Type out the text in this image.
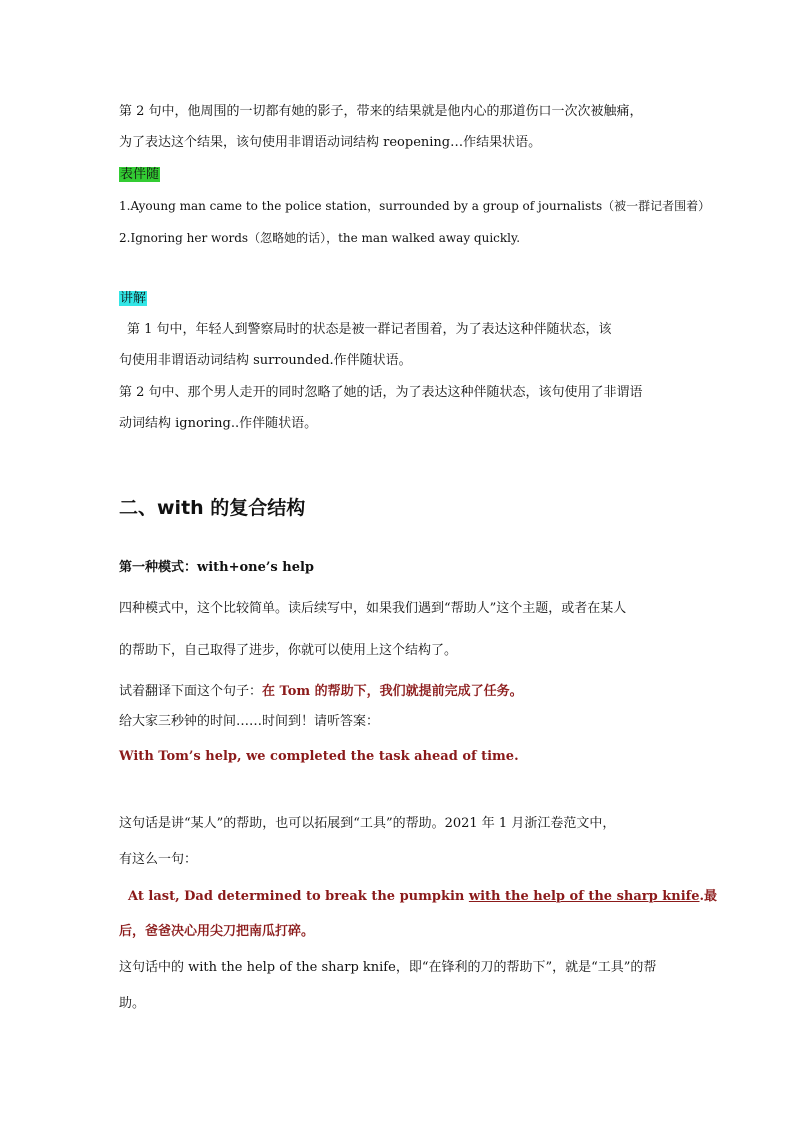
第 2 句中，他周围的一切都有她的影子，带来的结果就是他内心的那道伤口一次次被触痛，
为了表达这个结果，该句使用非谓语动词结构 reopening…作结果状语。
表伴随
1.Ayoung man came to the police station，surrounded by a group of journalists（被一群记者围着）
2.Ignoring her words（忽略她的话），the man walked away quickly.
讲解
第 1 句中，年轻人到警察局时的状态是被一群记者围着，为了表达这种伴随状态，该
句使用非谓语动词结构 surrounded.作伴随状语。
第 2 句中、那个男人走开的同时忽略了她的话，为了表达这种伴随状态，该句使用了非谓语
动词结构 ignoring..作伴随状语。
二、with 的复合结构
第一种模式：with+one’s help
四种模式中，这个比较简单。读后续写中，如果我们遇到“帮助人”这个主题，或者在某人
的帮助下，自己取得了进步，你就可以使用上这个结构了。
试着翻译下面这个句子：在 Tom 的帮助下，我们就提前完成了任务。
给大家三秒钟的时间……时间到！请听答案：
With Tom’s help, we completed the task ahead of time.
这句话是讲“某人”的帮助，也可以拓展到“工具”的帮助。2021 年 1 月浙江卷范文中，
有这么一句：
At last, Dad determined to break the pumpkin with the help of the sharp knife.最
后，爸爸决心用尖刀把南瓜打碎。
这句话中的 with the help of the sharp knife，即“在锋利的刀的帮助下”，就是“工具”的帮
助。
